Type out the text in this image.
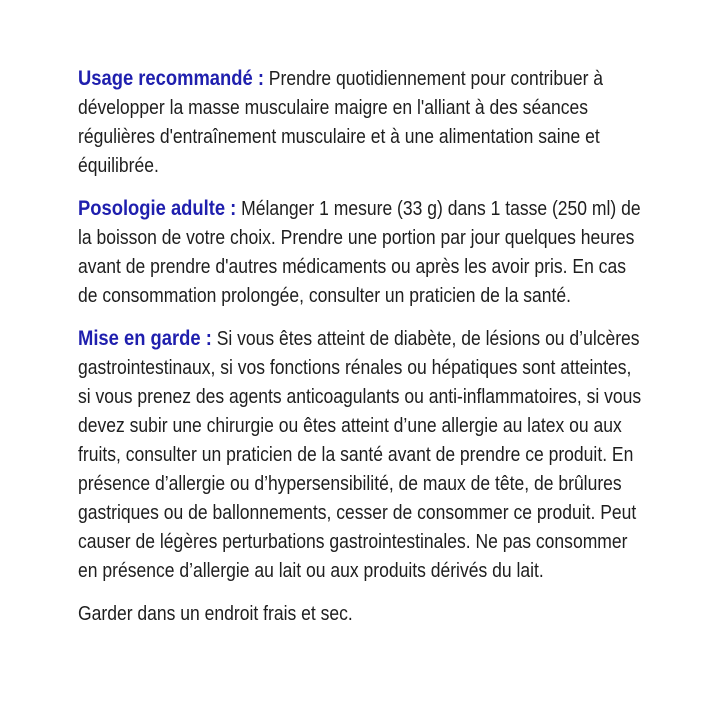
Usage recommandé : Prendre quotidiennement pour contribuer à développer la masse musculaire maigre en l'alliant à des séances régulières d'entraînement musculaire et à une alimentation saine et équilibrée.

Posologie adulte : Mélanger 1 mesure (33 g) dans 1 tasse (250 ml) de la boisson de votre choix. Prendre une portion par jour quelques heures avant de prendre d'autres médicaments ou après les avoir pris. En cas de consommation prolongée, consulter un praticien de la santé.

Mise en garde : Si vous êtes atteint de diabète, de lésions ou d’ulcères gastrointestinaux, si vos fonctions rénales ou hépatiques sont atteintes, si vous prenez des agents anticoagulants ou anti-inflammatoires, si vous devez subir une chirurgie ou êtes atteint d’une allergie au latex ou aux fruits, consulter un praticien de la santé avant de prendre ce produit. En présence d’allergie ou d’hypersensibilité, de maux de tête, de brûlures gastriques ou de ballonnements, cesser de consommer ce produit. Peut causer de légères perturbations gastrointestinales. Ne pas consommer en présence d’allergie au lait ou aux produits dérivés du lait.

Garder dans un endroit frais et sec.
